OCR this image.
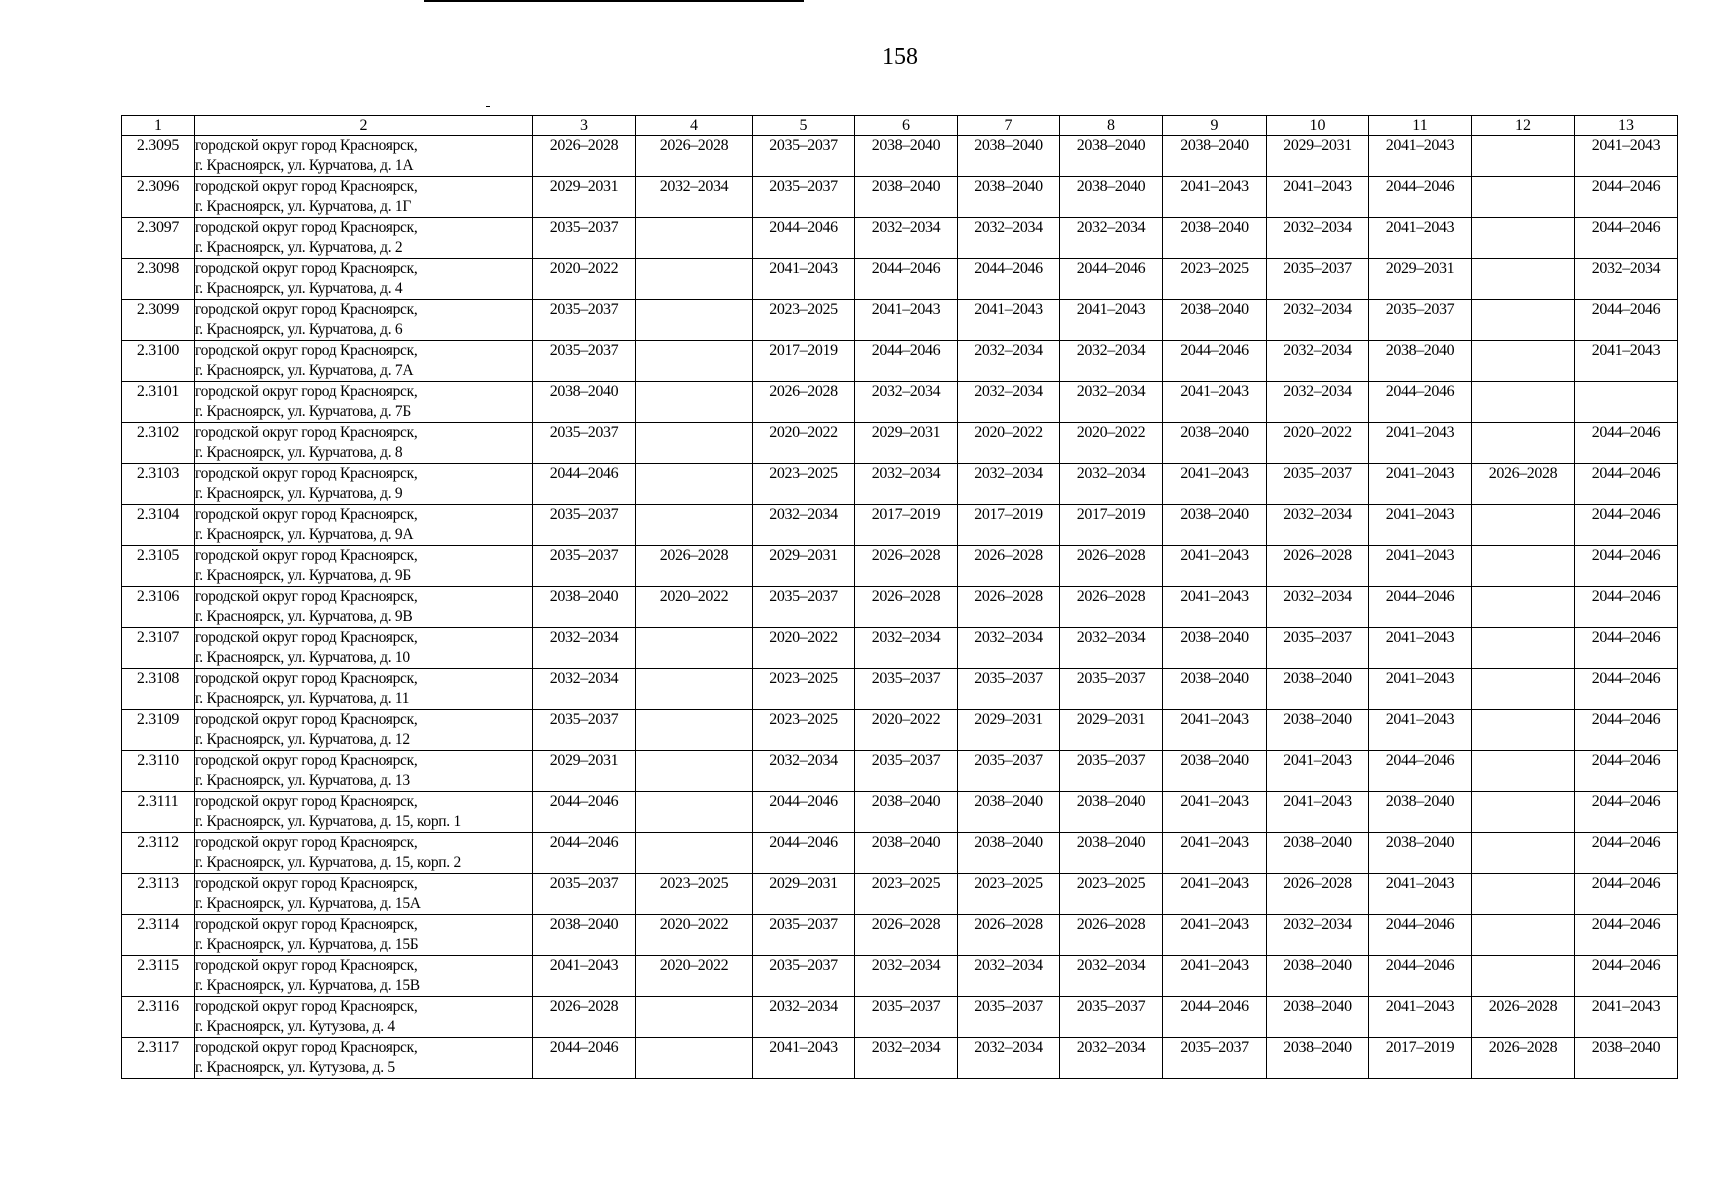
158
1	2	3	4	5	6	7	8	9	10	11	12	13
2.3095	городской округ город Красноярск,
г. Красноярск, ул. Курчатова, д. 1А	2026–2028	2026–2028	2035–2037	2038–2040	2038–2040	2038–2040	2038–2040	2029–2031	2041–2043		2041–2043
2.3096	городской округ город Красноярск,
г. Красноярск, ул. Курчатова, д. 1Г	2029–2031	2032–2034	2035–2037	2038–2040	2038–2040	2038–2040	2041–2043	2041–2043	2044–2046		2044–2046
2.3097	городской округ город Красноярск,
г. Красноярск, ул. Курчатова, д. 2	2035–2037		2044–2046	2032–2034	2032–2034	2032–2034	2038–2040	2032–2034	2041–2043		2044–2046
2.3098	городской округ город Красноярск,
г. Красноярск, ул. Курчатова, д. 4	2020–2022		2041–2043	2044–2046	2044–2046	2044–2046	2023–2025	2035–2037	2029–2031		2032–2034
2.3099	городской округ город Красноярск,
г. Красноярск, ул. Курчатова, д. 6	2035–2037		2023–2025	2041–2043	2041–2043	2041–2043	2038–2040	2032–2034	2035–2037		2044–2046
2.3100	городской округ город Красноярск,
г. Красноярск, ул. Курчатова, д. 7А	2035–2037		2017–2019	2044–2046	2032–2034	2032–2034	2044–2046	2032–2034	2038–2040		2041–2043
2.3101	городской округ город Красноярск,
г. Красноярск, ул. Курчатова, д. 7Б	2038–2040		2026–2028	2032–2034	2032–2034	2032–2034	2041–2043	2032–2034	2044–2046		
2.3102	городской округ город Красноярск,
г. Красноярск, ул. Курчатова, д. 8	2035–2037		2020–2022	2029–2031	2020–2022	2020–2022	2038–2040	2020–2022	2041–2043		2044–2046
2.3103	городской округ город Красноярск,
г. Красноярск, ул. Курчатова, д. 9	2044–2046		2023–2025	2032–2034	2032–2034	2032–2034	2041–2043	2035–2037	2041–2043	2026–2028	2044–2046
2.3104	городской округ город Красноярск,
г. Красноярск, ул. Курчатова, д. 9А	2035–2037		2032–2034	2017–2019	2017–2019	2017–2019	2038–2040	2032–2034	2041–2043		2044–2046
2.3105	городской округ город Красноярск,
г. Красноярск, ул. Курчатова, д. 9Б	2035–2037	2026–2028	2029–2031	2026–2028	2026–2028	2026–2028	2041–2043	2026–2028	2041–2043		2044–2046
2.3106	городской округ город Красноярск,
г. Красноярск, ул. Курчатова, д. 9В	2038–2040	2020–2022	2035–2037	2026–2028	2026–2028	2026–2028	2041–2043	2032–2034	2044–2046		2044–2046
2.3107	городской округ город Красноярск,
г. Красноярск, ул. Курчатова, д. 10	2032–2034		2020–2022	2032–2034	2032–2034	2032–2034	2038–2040	2035–2037	2041–2043		2044–2046
2.3108	городской округ город Красноярск,
г. Красноярск, ул. Курчатова, д. 11	2032–2034		2023–2025	2035–2037	2035–2037	2035–2037	2038–2040	2038–2040	2041–2043		2044–2046
2.3109	городской округ город Красноярск,
г. Красноярск, ул. Курчатова, д. 12	2035–2037		2023–2025	2020–2022	2029–2031	2029–2031	2041–2043	2038–2040	2041–2043		2044–2046
2.3110	городской округ город Красноярск,
г. Красноярск, ул. Курчатова, д. 13	2029–2031		2032–2034	2035–2037	2035–2037	2035–2037	2038–2040	2041–2043	2044–2046		2044–2046
2.3111	городской округ город Красноярск,
г. Красноярск, ул. Курчатова, д. 15, корп. 1	2044–2046		2044–2046	2038–2040	2038–2040	2038–2040	2041–2043	2041–2043	2038–2040		2044–2046
2.3112	городской округ город Красноярск,
г. Красноярск, ул. Курчатова, д. 15, корп. 2	2044–2046		2044–2046	2038–2040	2038–2040	2038–2040	2041–2043	2038–2040	2038–2040		2044–2046
2.3113	городской округ город Красноярск,
г. Красноярск, ул. Курчатова, д. 15А	2035–2037	2023–2025	2029–2031	2023–2025	2023–2025	2023–2025	2041–2043	2026–2028	2041–2043		2044–2046
2.3114	городской округ город Красноярск,
г. Красноярск, ул. Курчатова, д. 15Б	2038–2040	2020–2022	2035–2037	2026–2028	2026–2028	2026–2028	2041–2043	2032–2034	2044–2046		2044–2046
2.3115	городской округ город Красноярск,
г. Красноярск, ул. Курчатова, д. 15В	2041–2043	2020–2022	2035–2037	2032–2034	2032–2034	2032–2034	2041–2043	2038–2040	2044–2046		2044–2046
2.3116	городской округ город Красноярск,
г. Красноярск, ул. Кутузова, д. 4	2026–2028		2032–2034	2035–2037	2035–2037	2035–2037	2044–2046	2038–2040	2041–2043	2026–2028	2041–2043
2.3117	городской округ город Красноярск,
г. Красноярск, ул. Кутузова, д. 5	2044–2046		2041–2043	2032–2034	2032–2034	2032–2034	2035–2037	2038–2040	2017–2019	2026–2028	2038–2040
